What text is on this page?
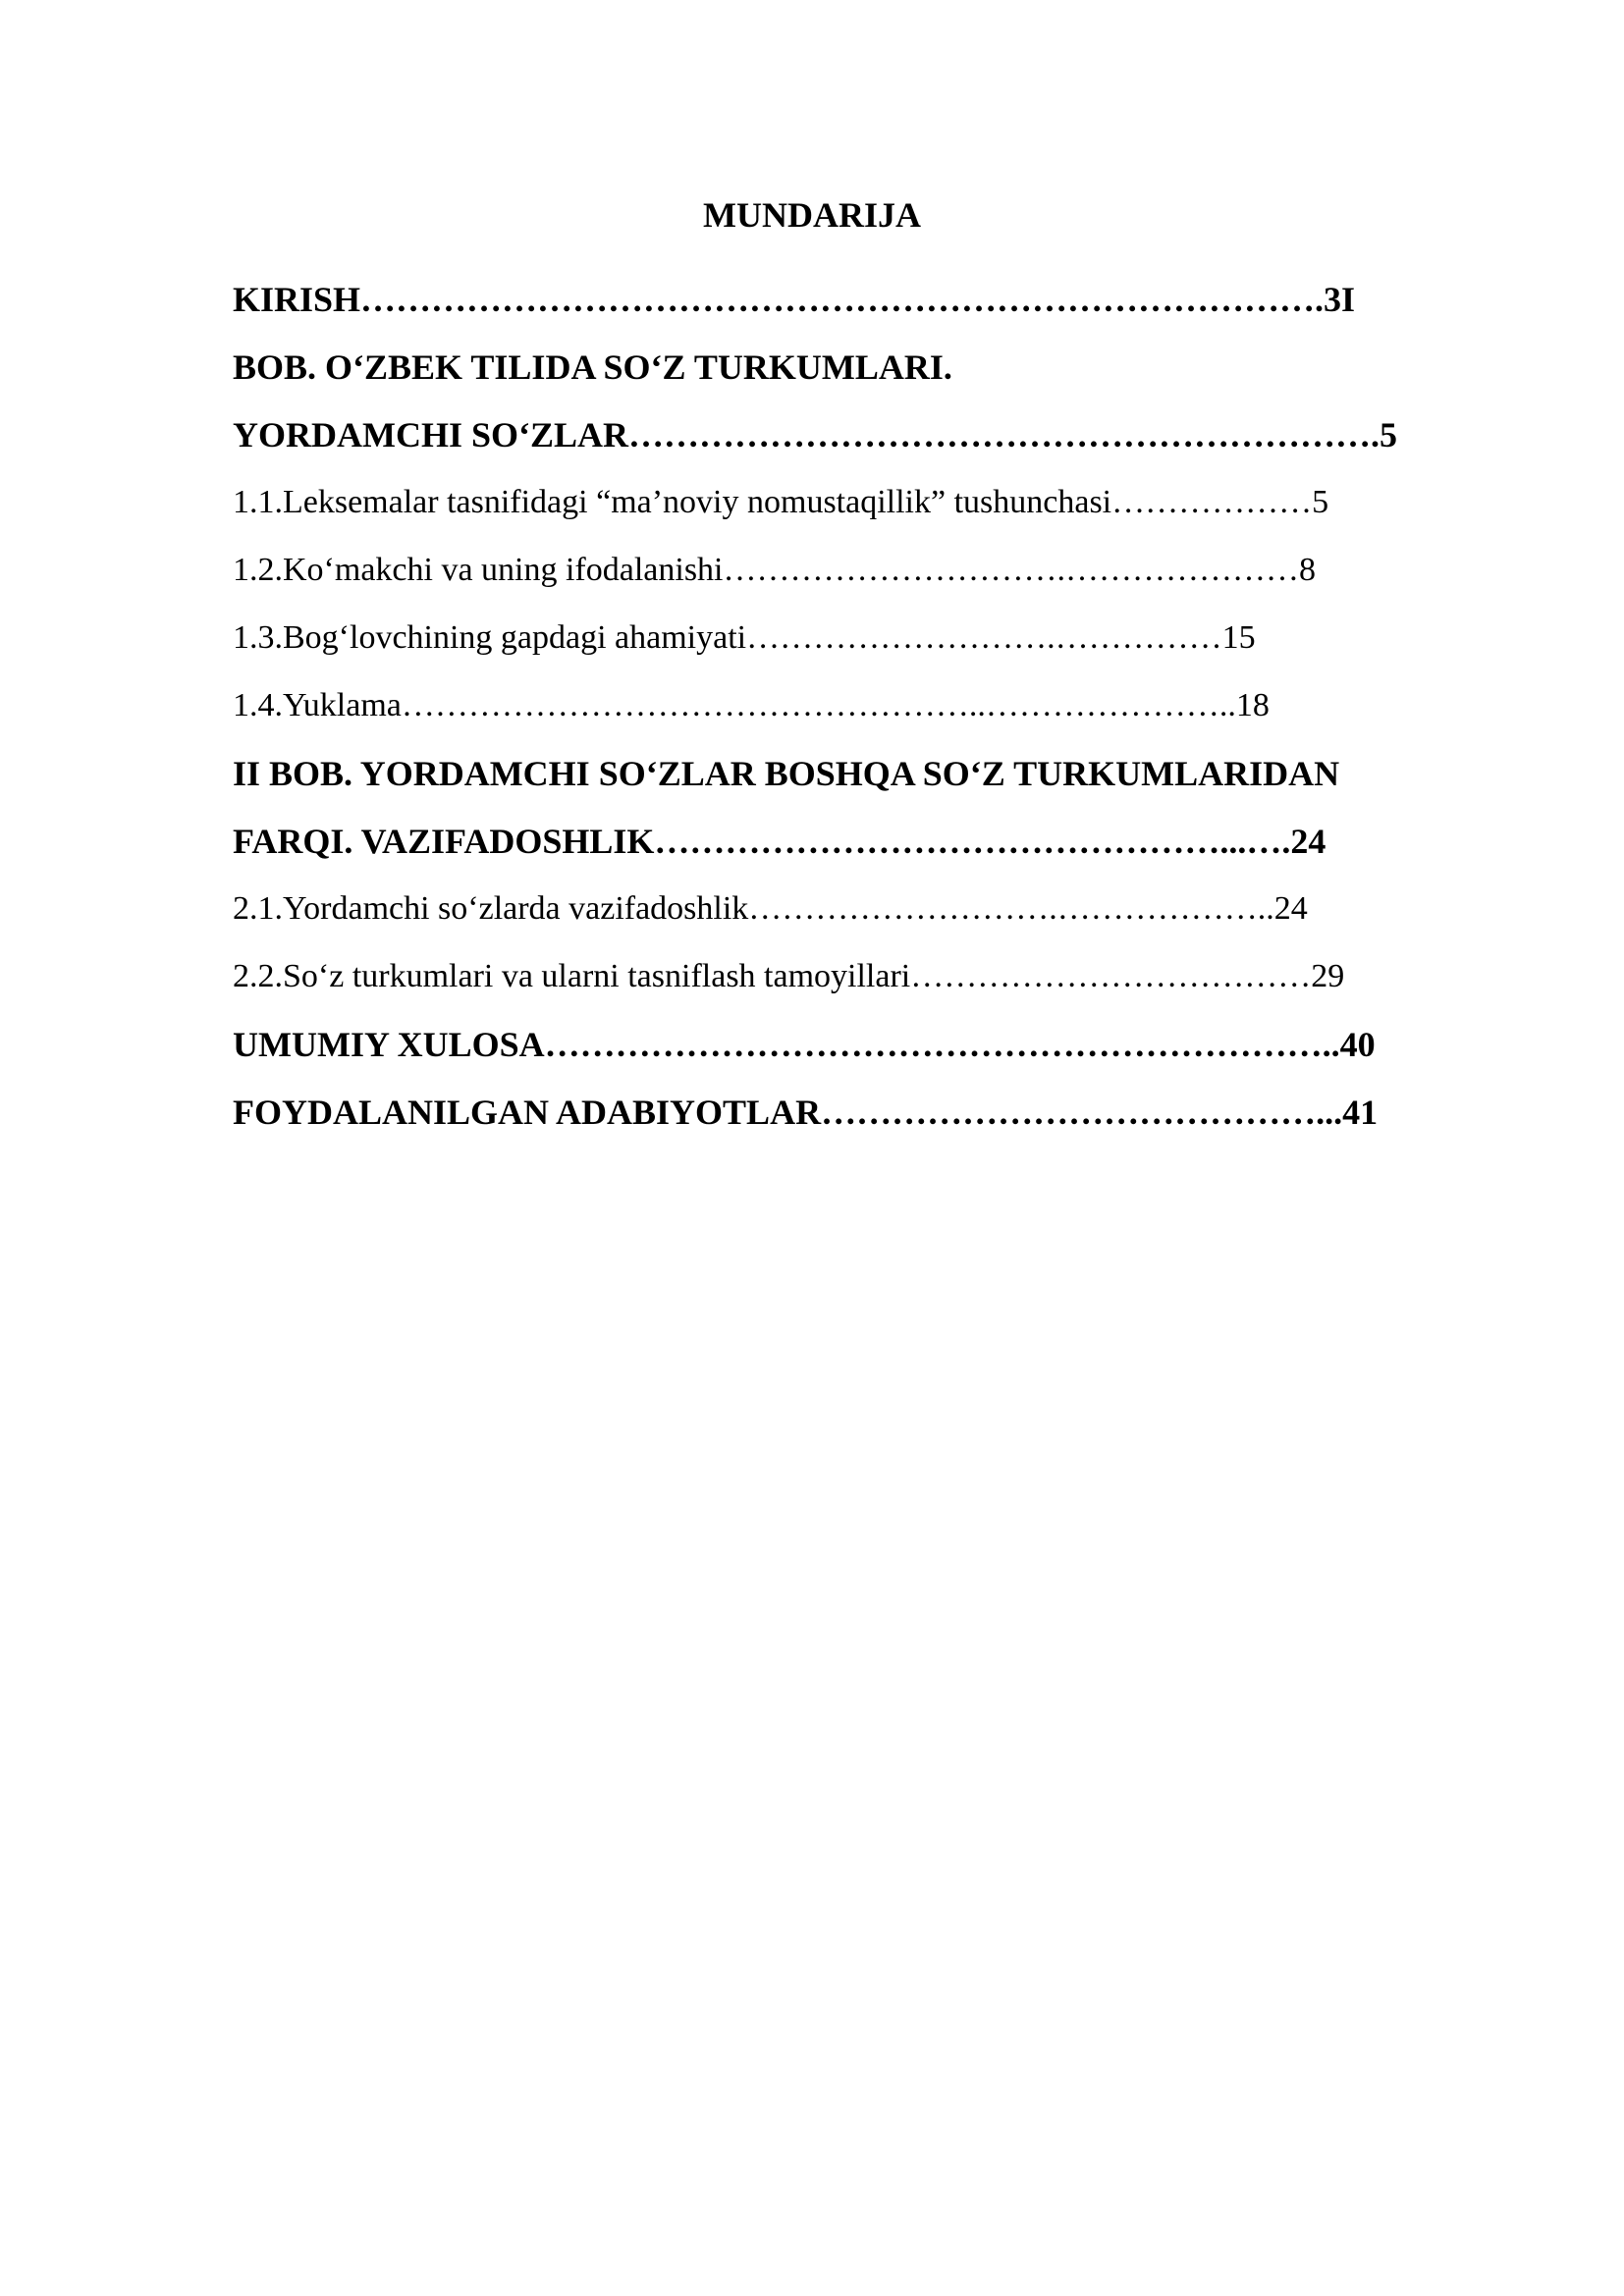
MUNDARIJA
KIRISH……………………………………………………………………….3I
BOB. O‘ZBEK TILIDA SO‘Z TURKUMLARI.
YORDAMCHI SO‘ZLAR……………………………………………………….5
1.1.Leksemalar tasnifidagi “ma’noviy nomustaqillik” tushunchasi………………5
1.2.Ko‘makchi va uning ifodalanishi………………………….…………………8
1.3.Bog‘lovchining gapdagi ahamiyati……………………….……………15
1.4.Yuklama……………………………………………..…………………..18
II BOB. YORDAMCHI SO‘ZLAR BOSHQA SO‘Z TURKUMLARIDAN
FARQI. VAZIFADOSHLIK…………………………………………...….24
2.1.Yordamchi so‘zlarda vazifadoshlik……………………….………………..24
2.2.So‘z turkumlari va ularni tasniflash tamoyillari………………………………29
UMUMIY XULOSA…………………………………………………………..40
FOYDALANILGAN ADABIYOTLAR……………………………………...41
